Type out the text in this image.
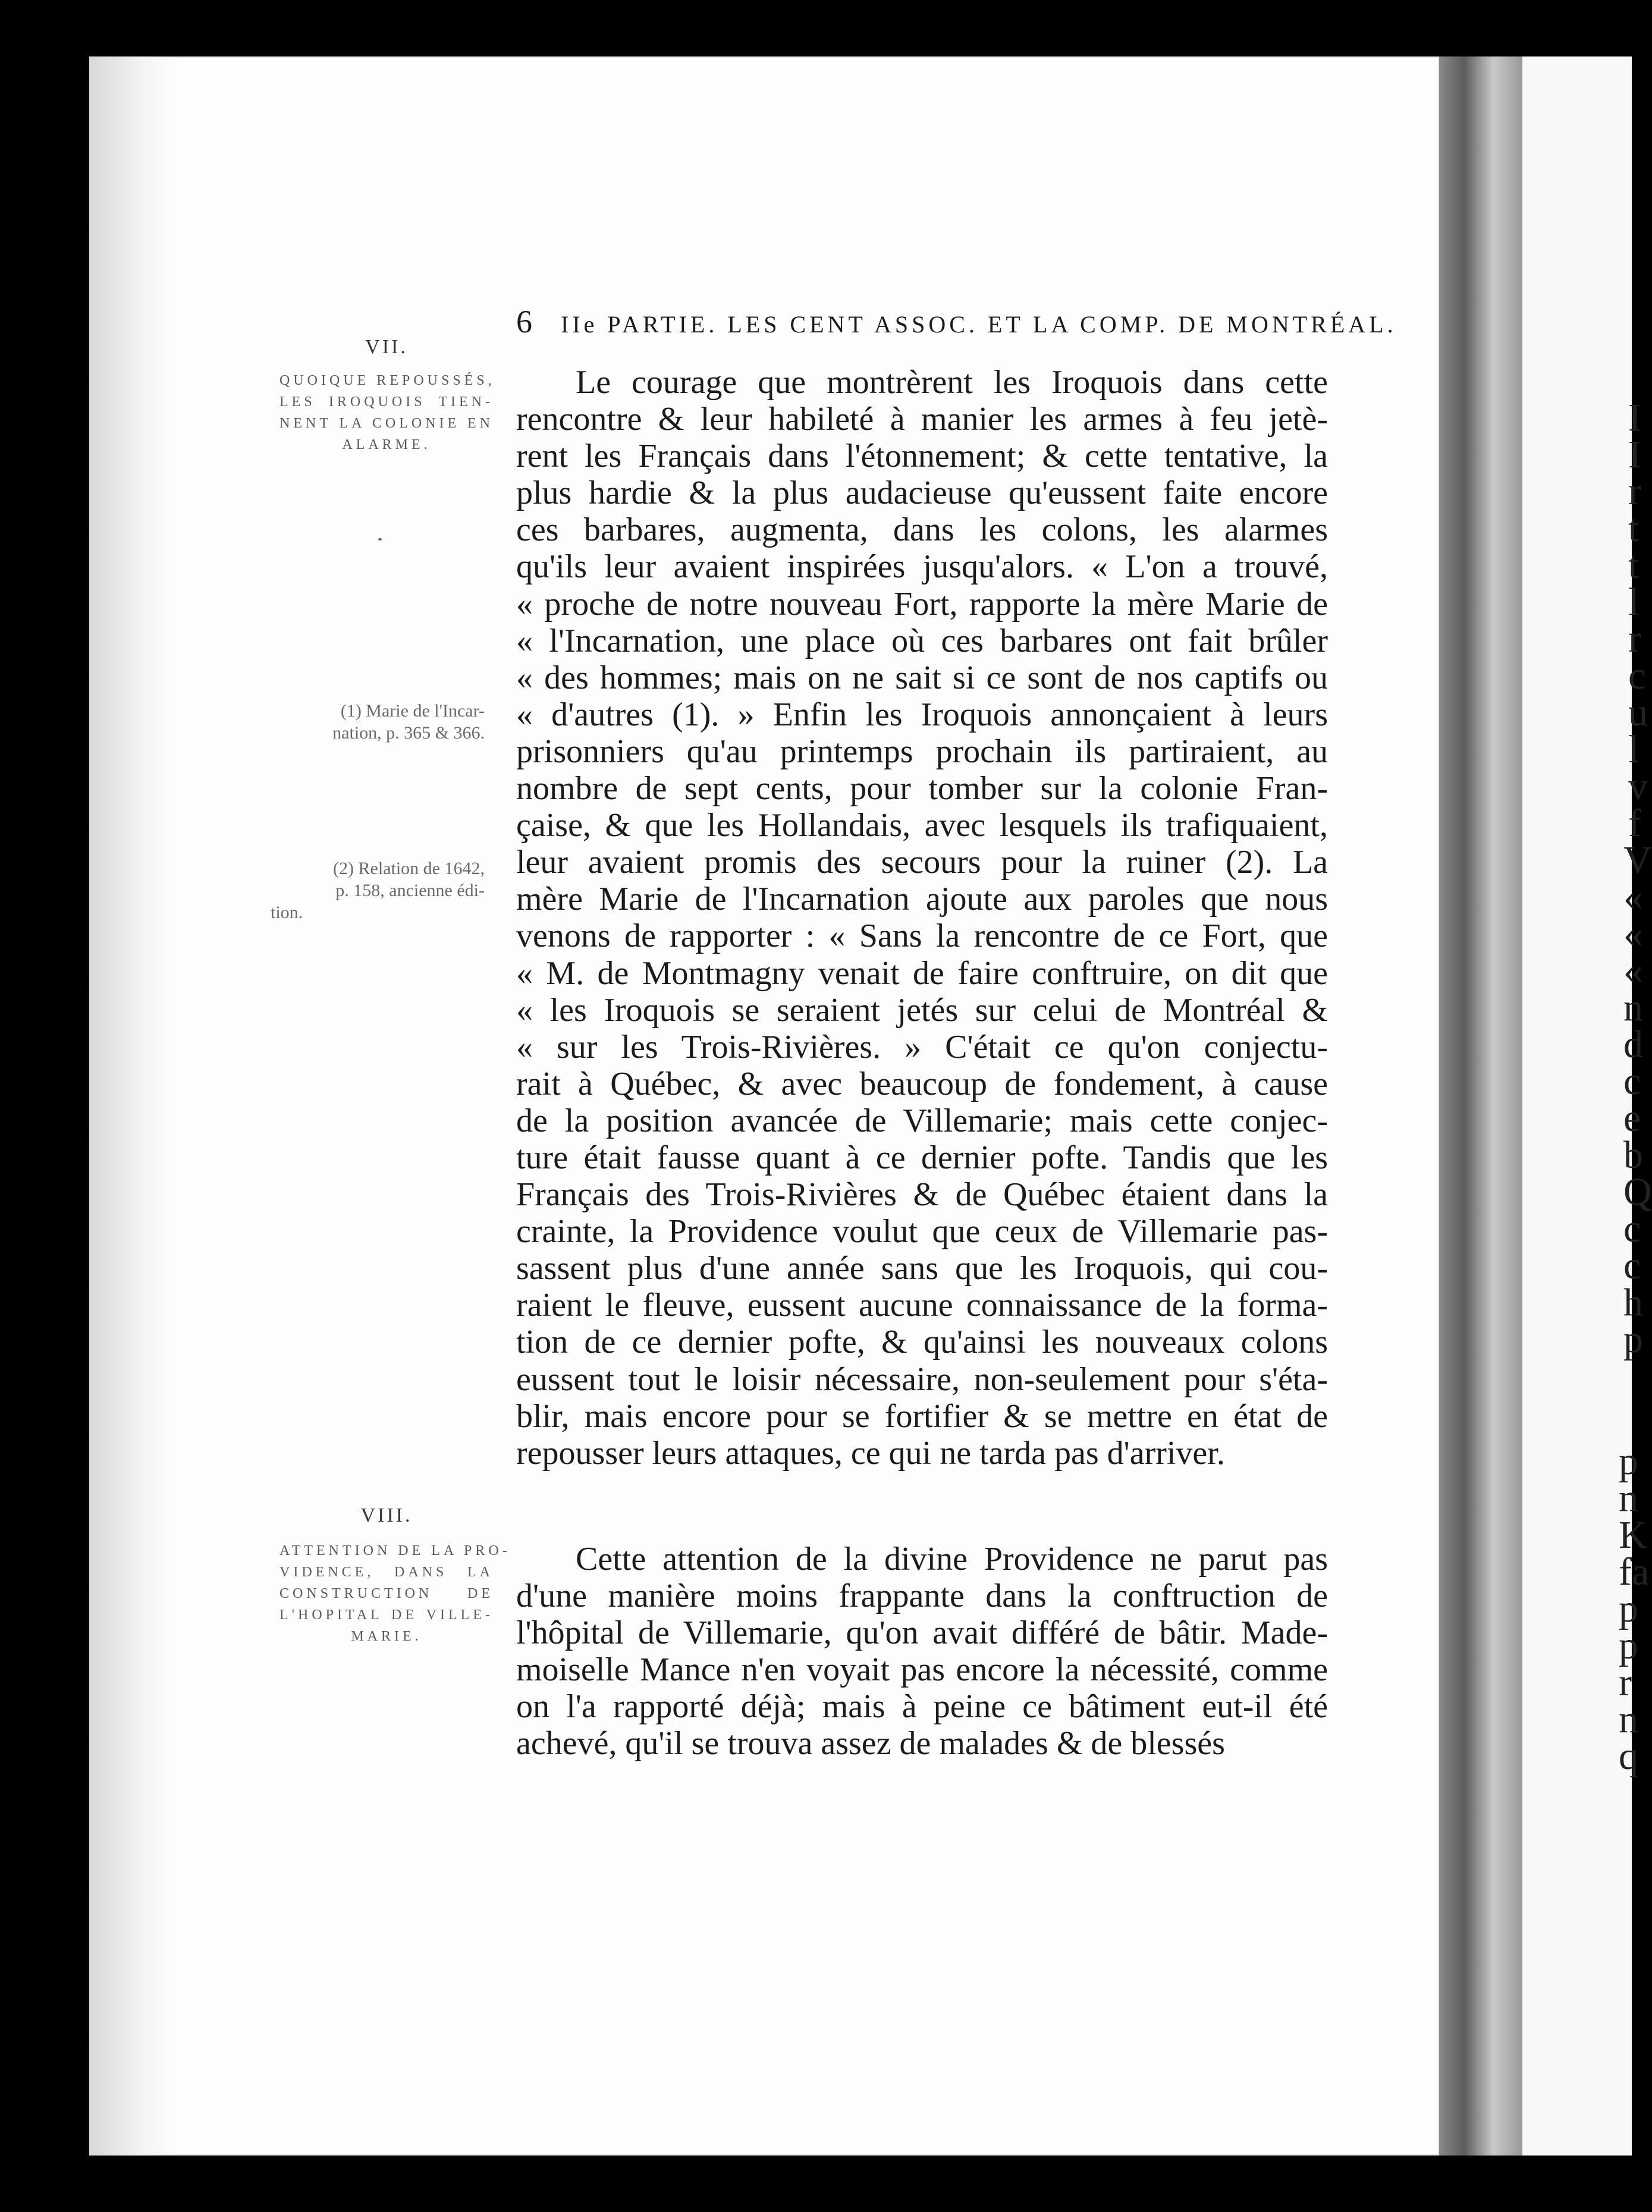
I
I
r
t
t
l
r
c
u
l
v
f
V
«
«
«
n
d
c
e
b
Q
c
c
h
p
p
n
K
fa
p
p
r
n
q
6 IIe PARTIE. LES CENT ASSOC. ET LA COMP. DE MONTRÉAL.
VII.
QUOIQUE REPOUSSÉS,
LES IROQUOIS TIEN-
NENT LA COLONIE EN
ALARME.
(1) Marie de l'Incar-
nation, p. 365 & 366.
(2) Relation de 1642,
p. 158, ancienne édi-
tion.
VIII.
ATTENTION DE LA PRO-
VIDENCE, DANS LA
CONSTRUCTION DE
L'HOPITAL DE VILLE-
MARIE.
Le courage que montrèrent les Iroquois dans cette
rencontre & leur habileté à manier les armes à feu jetè-
rent les Français dans l'étonnement; & cette tentative, la
plus hardie & la plus audacieuse qu'eussent faite encore
ces barbares, augmenta, dans les colons, les alarmes
qu'ils leur avaient inspirées jusqu'alors. « L'on a trouvé,
« proche de notre nouveau Fort, rapporte la mère Marie de
« l'Incarnation, une place où ces barbares ont fait brûler
« des hommes; mais on ne sait si ce sont de nos captifs ou
« d'autres (1). » Enfin les Iroquois annonçaient à leurs
prisonniers qu'au printemps prochain ils partiraient, au
nombre de sept cents, pour tomber sur la colonie Fran-
çaise, & que les Hollandais, avec lesquels ils trafiquaient,
leur avaient promis des secours pour la ruiner (2). La
mère Marie de l'Incarnation ajoute aux paroles que nous
venons de rapporter : « Sans la rencontre de ce Fort, que
« M. de Montmagny venait de faire conftruire, on dit que
« les Iroquois se seraient jetés sur celui de Montréal &
« sur les Trois-Rivières. » C'était ce qu'on conjectu-
rait à Québec, & avec beaucoup de fondement, à cause
de la position avancée de Villemarie; mais cette conjec-
ture était fausse quant à ce dernier pofte. Tandis que les
Français des Trois-Rivières & de Québec étaient dans la
crainte, la Providence voulut que ceux de Villemarie pas-
sassent plus d'une année sans que les Iroquois, qui cou-
raient le fleuve, eussent aucune connaissance de la forma-
tion de ce dernier pofte, & qu'ainsi les nouveaux colons
eussent tout le loisir nécessaire, non-seulement pour s'éta-
blir, mais encore pour se fortifier & se mettre en état de
repousser leurs attaques, ce qui ne tarda pas d'arriver.
Cette attention de la divine Providence ne parut pas
d'une manière moins frappante dans la conftruction de
l'hôpital de Villemarie, qu'on avait différé de bâtir. Made-
moiselle Mance n'en voyait pas encore la nécessité, comme
on l'a rapporté déjà; mais à peine ce bâtiment eut-il été
achevé, qu'il se trouva assez de malades & de blessés
